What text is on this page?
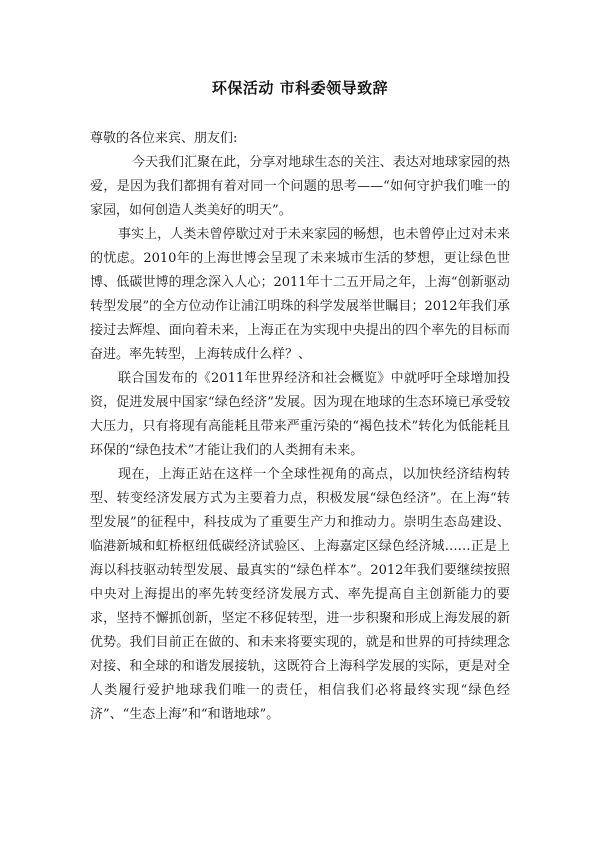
环保活动 市科委领导致辞

尊敬的各位来宾、朋友们:

今天我们汇聚在此，分享对地球生态的关注、表达对地球家园的热爱，是因为我们都拥有着对同一个问题的思考——“如何守护我们唯一的家园，如何创造人类美好的明天”。

事实上，人类未曾停歇过对于未来家园的畅想，也未曾停止过对未来的忧虑。2010年的上海世博会呈现了未来城市生活的梦想，更让绿色世博、低碳世博的理念深入人心；2011年十二五开局之年，上海“创新驱动 转型发展”的全方位动作让浦江明珠的科学发展举世瞩目；2012年我们承接过去辉煌、面向着未来，上海正在为实现中央提出的四个率先的目标而奋进。率先转型，上海转成什么样？、

联合国发布的《2011年世界经济和社会概览》中就呼吁全球增加投资，促进发展中国家“绿色经济”发展。因为现在地球的生态环境已承受较大压力，只有将现有高能耗且带来严重污染的“褐色技术”转化为低能耗且环保的“绿色技术”才能让我们的人类拥有未来。

现在，上海正站在这样一个全球性视角的高点，以加快经济结构转型、转变经济发展方式为主要着力点，积极发展“绿色经济”。在上海“转型发展”的征程中，科技成为了重要生产力和推动力。崇明生态岛建设、临港新城和虹桥枢纽低碳经济试验区、上海嘉定区绿色经济城……正是上海以科技驱动转型发展、最真实的“绿色样本”。2012年我们要继续按照中央对上海提出的率先转变经济发展方式、率先提高自主创新能力的要求，坚持不懈抓创新，坚定不移促转型，进一步积聚和形成上海发展的新优势。我们目前正在做的、和未来将要实现的，就是和世界的可持续理念对接、和全球的和谐发展接轨，这既符合上海科学发展的实际，更是对全人类履行爱护地球我们唯一的责任，相信我们必将最终实现“绿色经济”、“生态上海”和“和谐地球”。
